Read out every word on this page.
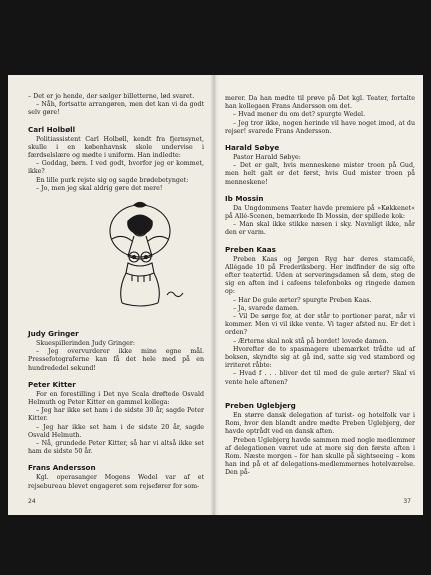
– Det er jo hende, der sælger billetterne, lød svaret.

– Nåh, fortsatte arrangøren, men det kan vi da godt selv gøre!

Carl Holbøll

Politiassistent Carl Holbøll, kendt fra fjernsynet, skulle i en københavnsk skole undervise i færdselslære og mødte i uniform. Han indledte:

– Goddag, børn. I ved godt, hvorfor jeg er kommet, ikke?

En lille purk rejste sig og sagde brødebetynget:

– Jo, men jeg skal aldrig gøre det mere!

Judy Gringer

Skuespillerinden Judy Gringer:

– Jeg overvurderer ikke mine egne mål. Pressefotograferne kan få det hele med på en hundrededel sekund!

Peter Kitter

For en forestilling i Det nye Scala drøftede Osvald Helmuth og Peter Kitter en gammel kollega:

– Jeg har ikke set ham i de sidste 30 år, sagde Peter Kitter.

– Jeg har ikke set ham i de sidste 20 år, sagde Osvald Helmuth.

– Nå, grundede Peter Kitter, så har vi altså ikke set ham de sidste 50 år.

Frans Andersson

Kgl. operasanger Mogens Wedel var af et rejsebureau blevet engageret som rejsefører for som-

24

merer. Da han mødte til prøve på Det kgl. Teater, fortalte han kollegaen Frans Andersson om det.

– Hvad mener du om det? spurgte Wedel.

– Jeg tror ikke, nogen herinde vil have noget imod, at du rejser! svarede Frans Andersson.

Harald Søbye

Pastor Harald Søbye:

– Det er galt, hvis menneskene mister troen på Gud, men helt galt er det først, hvis Gud mister troen på menneskene!

Ib Mossin

Da Ungdommens Teater havde premiere på »Køkkenet« på Allé-Scenen, bemærkede Ib Mossin, der spillede kok:

– Man skal ikke stikke næsen i sky. Navnligt ikke, når den er varm.

Preben Kaas

Preben Kaas og Jørgen Ryg har deres stamcafé, Allégade 10 på Frederiksberg. Her indfinder de sig ofte efter teatertid. Uden at serveringsdamen så dem, steg de sig en aften ind i cafeens telefonboks og ringede damen op:

– Har De gule ærter? spurgte Preben Kaas.

– Ja, svarede damen.

– Vil De sørge for, at der står to portioner parat, når vi kommer. Men vi vil ikke vente. Vi tager afsted nu. Er det i orden?

– Ærterne skal nok stå på bordet! lovede damen.

Hvorefter de to spasmagere ubemærket trådte ud af boksen, skyndte sig at gå ind, satte sig ved stambord og irriteret råbte:

– Hvad f . . . bliver det til med de gule ærter? Skal vi vente hele aftenen?

Preben Uglebjerg

En større dansk delegation af turist- og hotelfolk var i Rom, hvor den blandt andre mødte Preben Uglebjerg, der havde optrådt ved en dansk aften.

Preben Uglebjerg havde sammen med nogle medlemmer af delegationen været ude at more sig den første aften i Rom. Næste morgen – for han skulle på sightseeing – kom han ind på et af delegations-medlemmernes hotelværelse. Den på-

37
